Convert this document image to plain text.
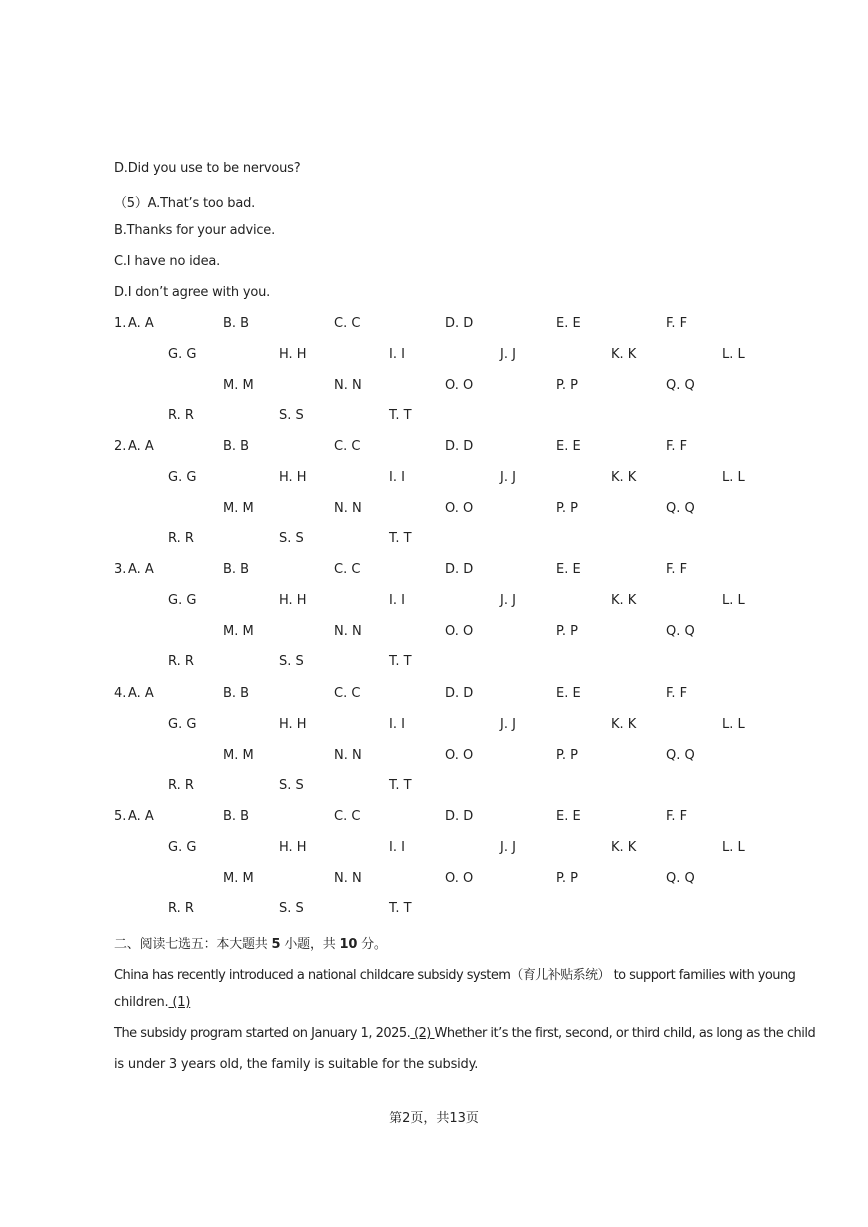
D.Did you use to be nervous?
（5）A.That’s too bad.
B.Thanks for your advice.
C.I have no idea.
D.I don’t agree with you.
1. A. A	B. B	C. C	D. D	E. E	F. F
G. G	H. H	I. I	J. J	K. K	L. L
M. M	N. N	O. O	P. P	Q. Q
R. R	S. S	T. T
2. A. A	B. B	C. C	D. D	E. E	F. F
G. G	H. H	I. I	J. J	K. K	L. L
M. M	N. N	O. O	P. P	Q. Q
R. R	S. S	T. T
3. A. A	B. B	C. C	D. D	E. E	F. F
G. G	H. H	I. I	J. J	K. K	L. L
M. M	N. N	O. O	P. P	Q. Q
R. R	S. S	T. T
4. A. A	B. B	C. C	D. D	E. E	F. F
G. G	H. H	I. I	J. J	K. K	L. L
M. M	N. N	O. O	P. P	Q. Q
R. R	S. S	T. T
5. A. A	B. B	C. C	D. D	E. E	F. F
G. G	H. H	I. I	J. J	K. K	L. L
M. M	N. N	O. O	P. P	Q. Q
R. R	S. S	T. T
二、阅读七选五：本大题共 5 小题，共 10 分。
China has recently introduced a national childcare subsidy system（育儿补贴系统） to support families with young
children. (1)
The subsidy program started on January 1, 2025. (2) Whether it’s the first, second, or third child, as long as the child
is under 3 years old, the family is suitable for the subsidy.
第2页，共13页
